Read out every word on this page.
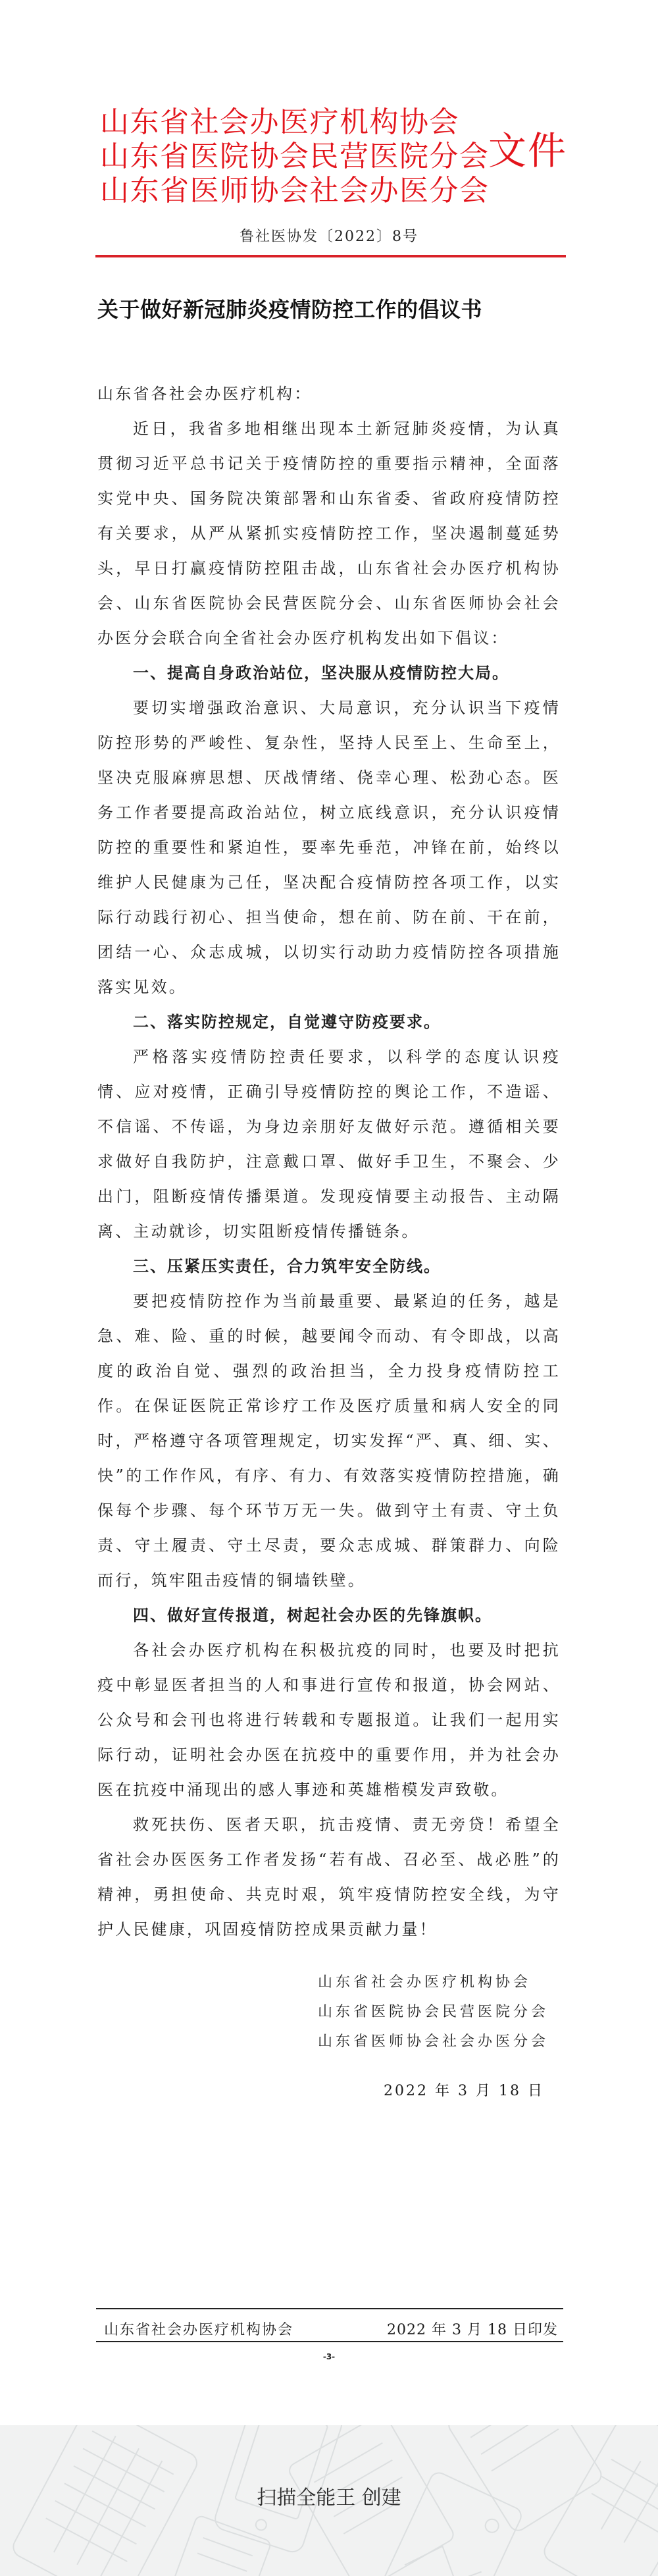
山东省社会办医疗机构协会
山东省医院协会民营医院分会
山东省医师协会社会办医分会
文件
鲁社医协发〔2022〕8号
关于做好新冠肺炎疫情防控工作的倡议书

山东省各社会办医疗机构：

近日，我省多地相继出现本土新冠肺炎疫情，为认真贯彻习近平总书记关于疫情防控的重要指示精神，全面落实党中央、国务院决策部署和山东省委、省政府疫情防控有关要求，从严从紧抓实疫情防控工作，坚决遏制蔓延势头，早日打赢疫情防控阻击战，山东省社会办医疗机构协会、山东省医院协会民营医院分会、山东省医师协会社会办医分会联合向全省社会办医疗机构发出如下倡议：

一、提高自身政治站位，坚决服从疫情防控大局。

要切实增强政治意识、大局意识，充分认识当下疫情防控形势的严峻性、复杂性，坚持人民至上、生命至上，坚决克服麻痹思想、厌战情绪、侥幸心理、松劲心态。医务工作者要提高政治站位，树立底线意识，充分认识疫情防控的重要性和紧迫性，要率先垂范，冲锋在前，始终以维护人民健康为己任，坚决配合疫情防控各项工作，以实际行动践行初心、担当使命，想在前、防在前、干在前，团结一心、众志成城，以切实行动助力疫情防控各项措施落实见效。

二、落实防控规定，自觉遵守防疫要求。

严格落实疫情防控责任要求，以科学的态度认识疫情、应对疫情，正确引导疫情防控的舆论工作，不造谣、不信谣、不传谣，为身边亲朋好友做好示范。遵循相关要求做好自我防护，注意戴口罩、做好手卫生，不聚会、少出门，阻断疫情传播渠道。发现疫情要主动报告、主动隔离、主动就诊，切实阻断疫情传播链条。

三、压紧压实责任，合力筑牢安全防线。

要把疫情防控作为当前最重要、最紧迫的任务，越是急、难、险、重的时候，越要闻令而动、有令即战，以高度的政治自觉、强烈的政治担当，全力投身疫情防控工作。在保证医院正常诊疗工作及医疗质量和病人安全的同时，严格遵守各项管理规定，切实发挥“严、真、细、实、快”的工作作风，有序、有力、有效落实疫情防控措施，确保每个步骤、每个环节万无一失。做到守土有责、守土负责、守土履责、守土尽责，要众志成城、群策群力、向险而行，筑牢阻击疫情的铜墙铁壁。

四、做好宣传报道，树起社会办医的先锋旗帜。

各社会办医疗机构在积极抗疫的同时，也要及时把抗疫中彰显医者担当的人和事进行宣传和报道，协会网站、公众号和会刊也将进行转载和专题报道。让我们一起用实际行动，证明社会办医在抗疫中的重要作用，并为社会办医在抗疫中涌现出的感人事迹和英雄楷模发声致敬。

救死扶伤、医者天职，抗击疫情、责无旁贷！希望全省社会办医医务工作者发扬“若有战、召必至、战必胜”的精神，勇担使命、共克时艰，筑牢疫情防控安全线，为守护人民健康，巩固疫情防控成果贡献力量！

山东省社会办医疗机构协会
山东省医院协会民营医院分会
山东省医师协会社会办医分会
2022 年 3 月 18 日
山东省社会办医疗机构协会	2022 年 3 月 18 日印发
-3-
扫描全能王 创建
